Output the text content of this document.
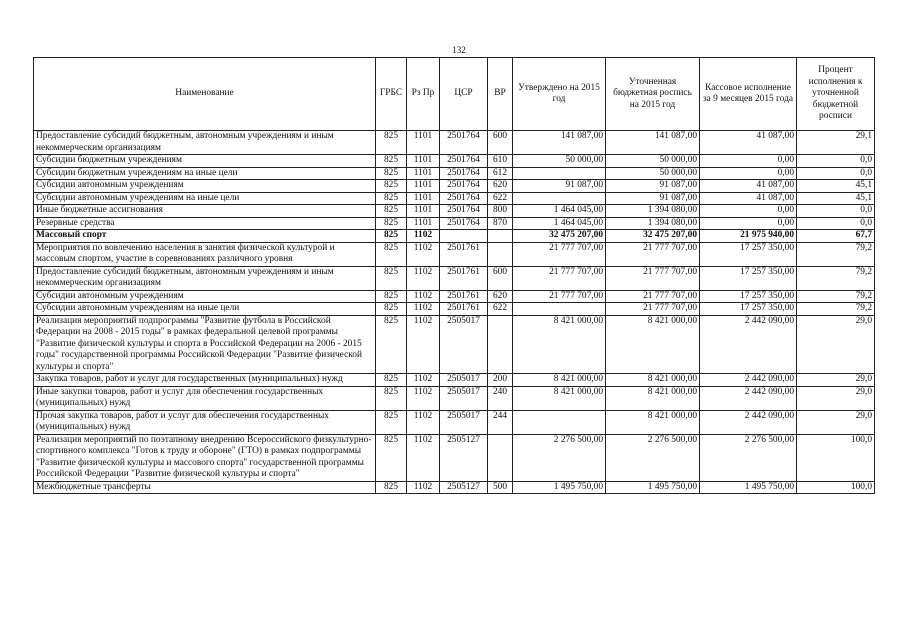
132
Наименование	ГРБС	Рз Пр	ЦСР	ВР	Утверждено на 2015 год	Уточненная бюджетная роспись на 2015 год	Кассовое исполнение за 9 месяцев 2015 года	Процент исполнения к уточненной бюджетной росписи
Предоставление субсидий бюджетным, автономным учреждениям и иным некоммерческим организациям	825	1101	2501764	600	141 087,00	141 087,00	41 087,00	29,1
Субсидии бюджетным учреждениям	825	1101	2501764	610	50 000,00	50 000,00	0,00	0,0
Субсидии бюджетным учреждениям на иные цели	825	1101	2501764	612		50 000,00	0,00	0,0
Субсидии автономным учреждениям	825	1101	2501764	620	91 087,00	91 087,00	41 087,00	45,1
Субсидии автономным учреждениям на иные цели	825	1101	2501764	622		91 087,00	41 087,00	45,1
Иные бюджетные ассигнования	825	1101	2501764	800	1 464 045,00	1 394 080,00	0,00	0,0
Резервные средства	825	1101	2501764	870	1 464 045,00	1 394 080,00	0,00	0,0
Массовый спорт	825	1102			32 475 207,00	32 475 207,00	21 975 940,00	67,7
Мероприятия по вовлечению населения в занятия физической культурой и массовым спортом, участие в соревнованиях различного уровня	825	1102	2501761		21 777 707,00	21 777 707,00	17 257 350,00	79,2
Предоставление субсидий бюджетным, автономным учреждениям и иным некоммерческим организациям	825	1102	2501761	600	21 777 707,00	21 777 707,00	17 257 350,00	79,2
Субсидии автономным учреждениям	825	1102	2501761	620	21 777 707,00	21 777 707,00	17 257 350,00	79,2
Субсидии автономным учреждениям на иные цели	825	1102	2501761	622		21 777 707,00	17 257 350,00	79,2
Реализация мероприятий подпрограммы "Развитие футбола в Российской Федерации на 2008 - 2015 годы" в рамках федеральной целевой программы "Развитие физической культуры и спорта в Российской Федерации на 2006 - 2015 годы" государственной программы Российской Федерации "Развитие физической культуры и спорта"	825	1102	2505017		8 421 000,00	8 421 000,00	2 442 090,00	29,0
Закупка товаров, работ и услуг для государственных (муниципальных) нужд	825	1102	2505017	200	8 421 000,00	8 421 000,00	2 442 090,00	29,0
Иные закупки товаров, работ и услуг для обеспечения государственных (муниципальных) нужд	825	1102	2505017	240	8 421 000,00	8 421 000,00	2 442 090,00	29,0
Прочая закупка товаров, работ и услуг для обеспечения государственных (муниципальных) нужд	825	1102	2505017	244		8 421 000,00	2 442 090,00	29,0
Реализация мероприятий по поэтапному внедрению Всероссийского физкультурно-спортивного комплекса "Готов к труду и обороне" (ГТО) в рамках подпрограммы "Развитие физической культуры и массового спорта" государственной программы Российской Федерации "Развитие физической культуры и спорта"	825	1102	2505127		2 276 500,00	2 276 500,00	2 276 500,00	100,0
Межбюджетные трансферты	825	1102	2505127	500	1 495 750,00	1 495 750,00	1 495 750,00	100,0
